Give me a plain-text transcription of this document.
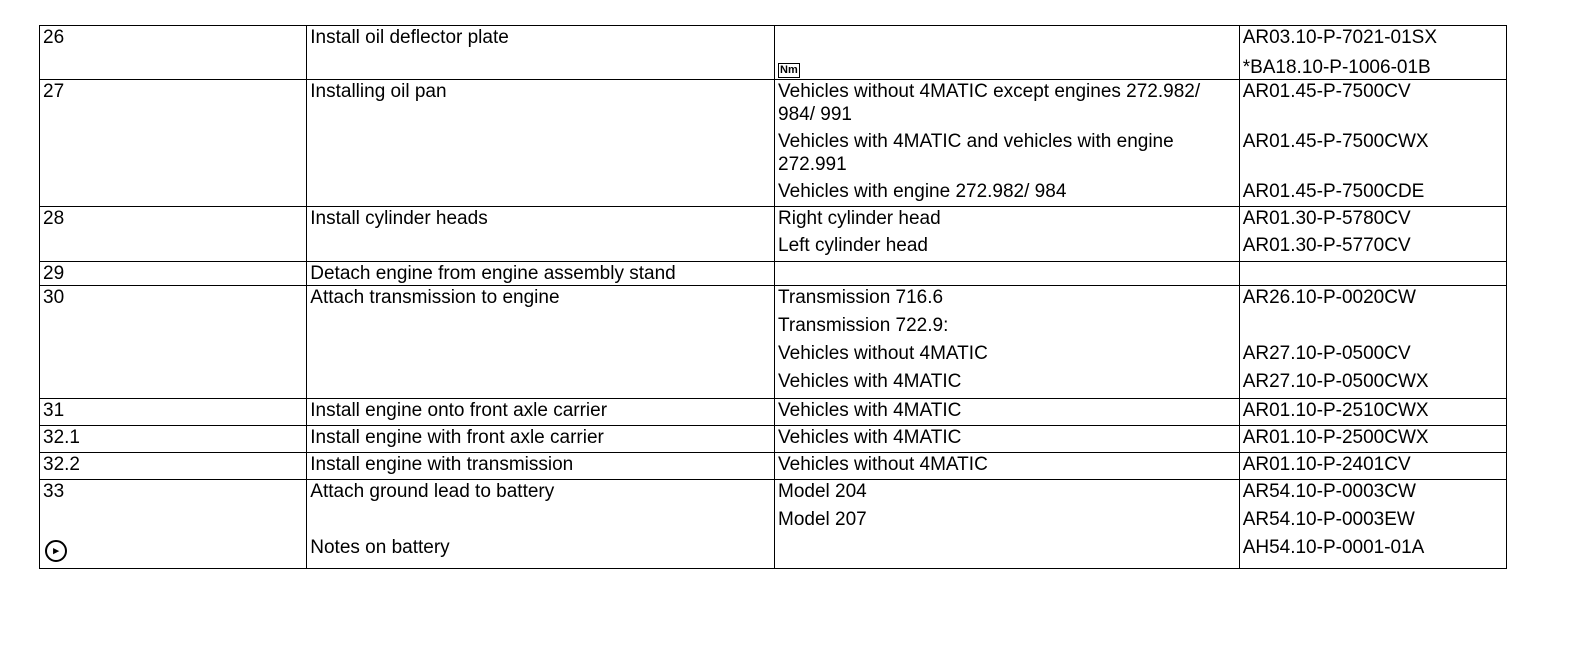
26	Install oil deflector plate		AR03.10-P-7021-01SX
		Nm	*BA18.10-P-1006-01B
27	Installing oil pan	Vehicles without 4MATIC except engines 272.982/ 984/ 991	AR01.45-P-7500CV
		Vehicles with 4MATIC and vehicles with engine 272.991	AR01.45-P-7500CWX
		Vehicles with engine 272.982/ 984	AR01.45-P-7500CDE
28	Install cylinder heads	Right cylinder head	AR01.30-P-5780CV
		Left cylinder head	AR01.30-P-5770CV
29	Detach engine from engine assembly stand		
30	Attach transmission to engine	Transmission 716.6	AR26.10-P-0020CW
		Transmission 722.9:	
		Vehicles without 4MATIC	AR27.10-P-0500CV
		Vehicles with 4MATIC	AR27.10-P-0500CWX
31	Install engine onto front axle carrier	Vehicles with 4MATIC	AR01.10-P-2510CWX
32.1	Install engine with front axle carrier	Vehicles with 4MATIC	AR01.10-P-2500CWX
32.2	Install engine with transmission	Vehicles without 4MATIC	AR01.10-P-2401CV
33	Attach ground lead to battery	Model 204	AR54.10-P-0003CW
		Model 207	AR54.10-P-0003EW
▸	Notes on battery		AH54.10-P-0001-01A
